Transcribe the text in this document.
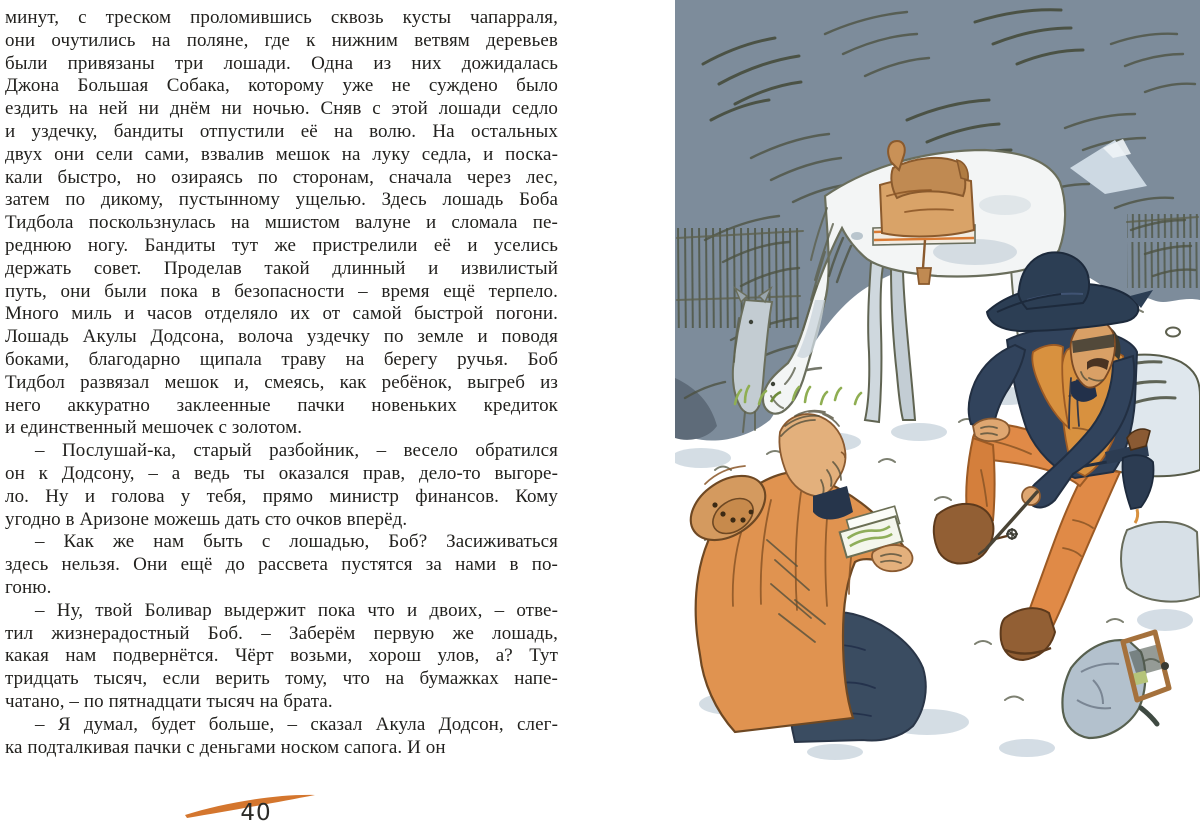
минут, с треском проломившись сквозь кусты чапарраля,
они очутились на поляне, где к нижним ветвям деревьев
были привязаны три лошади. Одна из них дожидалась
Джона Большая Собака, которому уже не суждено было
ездить на ней ни днём ни ночью. Сняв с этой лошади седло
и уздечку, бандиты отпустили её на волю. На остальных
двух они сели сами, взвалив мешок на луку седла, и поска-
кали быстро, но озираясь по сторонам, сначала через лес,
затем по дикому, пустынному ущелью. Здесь лошадь Боба
Тидбола поскользнулась на мшистом валуне и сломала пе-
реднюю ногу. Бандиты тут же пристрелили её и уселись
держать совет. Проделав такой длинный и извилистый
путь, они были пока в безопасности – время ещё терпело.
Много миль и часов отделяло их от самой быстрой погони.
Лошадь Акулы Додсона, волоча уздечку по земле и поводя
боками, благодарно щипала траву на берегу ручья. Боб
Тидбол развязал мешок и, смеясь, как ребёнок, выгреб из
него аккуратно заклеенные пачки новеньких кредиток
и единственный мешочек с золотом.
– Послушай-ка, старый разбойник, – весело обратился
он к Додсону, – а ведь ты оказался прав, дело-то выгоре-
ло. Ну и голова у тебя, прямо министр финансов. Кому
угодно в Аризоне можешь дать сто очков вперёд.
– Как же нам быть с лошадью, Боб? Засиживаться
здесь нельзя. Они ещё до рассвета пустятся за нами в по-
гоню.
– Ну, твой Боливар выдержит пока что и двоих, – отве-
тил жизнерадостный Боб. – Заберём первую же лошадь,
какая нам подвернётся. Чёрт возьми, хорош улов, а? Тут
тридцать тысяч, если верить тому, что на бумажках напе-
чатано, – по пятнадцати тысяч на брата.
– Я думал, будет больше, – сказал Акула Додсон, слег-
ка подталкивая пачки с деньгами носком сапога. И он
40
